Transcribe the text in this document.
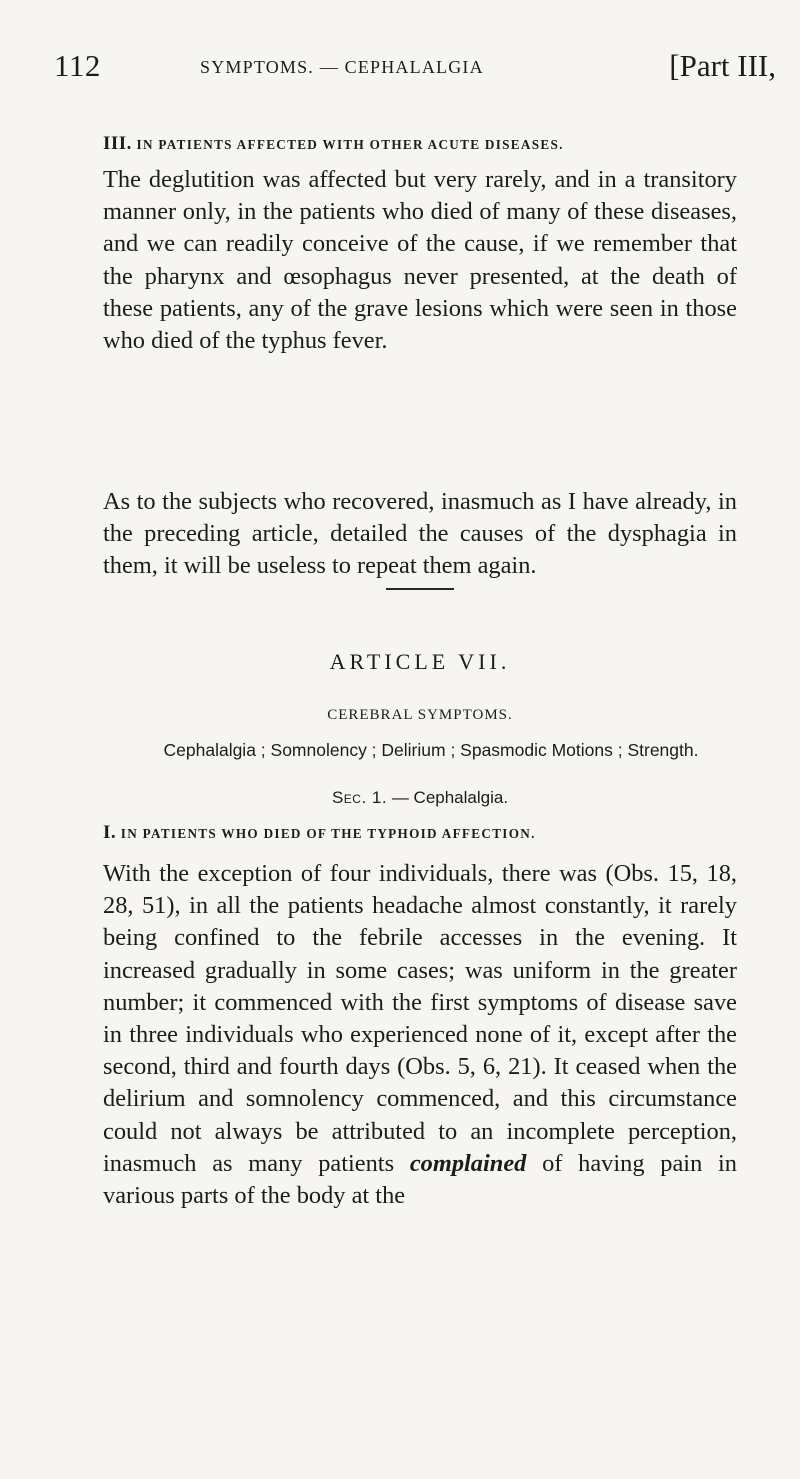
112	SYMPTOMS. — CEPHALALGIA	[Part III,
III. IN PATIENTS AFFECTED WITH OTHER ACUTE DISEASES.

The deglutition was affected but very rarely, and in a transitory manner only, in the patients who died of many of these diseases, and we can readily conceive of the cause, if we remember that the pharynx and œsophagus never presented, at the death of these patients, any of the grave lesions which were seen in those who died of the typhus fever.

As to the subjects who recovered, inasmuch as I have already, in the preceding article, detailed the causes of the dysphagia in them, it will be useless to repeat them again.

ARTICLE VII.
CEREBRAL SYMPTOMS.
Cephalalgia ; Somnolency ; Delirium ; Spasmodic Motions ; Strength.
Sec. 1. — Cephalalgia.
I. IN PATIENTS WHO DIED OF THE TYPHOID AFFECTION.

With the exception of four individuals, there was (Obs. 15, 18, 28, 51), in all the patients headache almost constantly, it rarely being confined to the febrile accesses in the evening. It increased gradually in some cases; was uniform in the greater number; it commenced with the first symptoms of disease save in three individuals who experienced none of it, except after the second, third and fourth days (Obs. 5, 6, 21). It ceased when the delirium and somnolency commenced, and this circumstance could not always be attributed to an incomplete perception, inasmuch as many patients complained of having pain in various parts of the body at the
